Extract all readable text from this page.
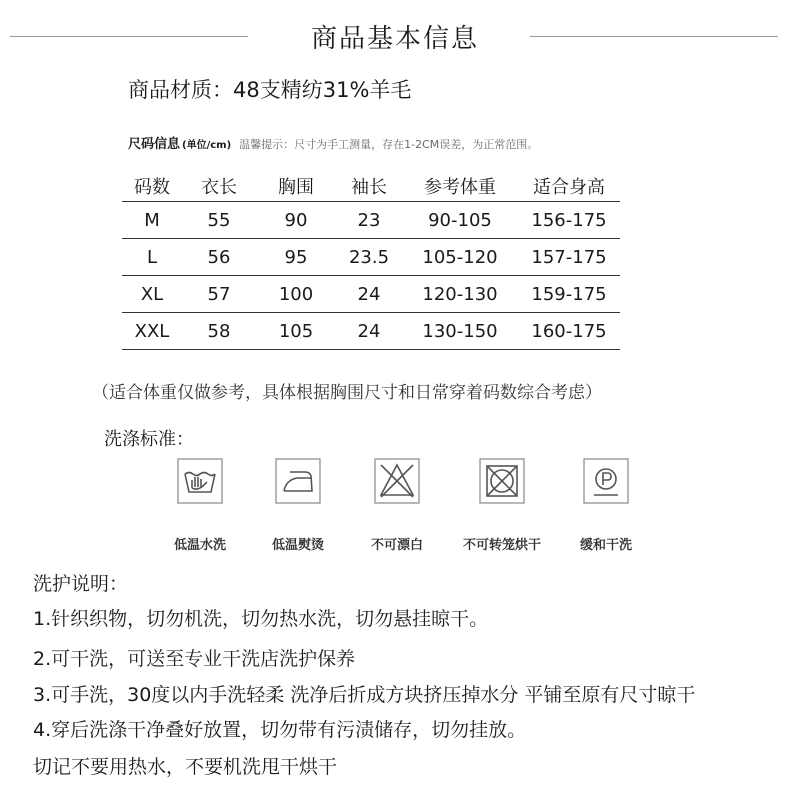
商品基本信息
商品材质：48支精纺31%羊毛
尺码信息 (单位/cm) 温馨提示：尺寸为手工测量，存在1-2CM误差，为正常范围。
码数	衣长	胸围	袖长	参考体重	适合身高
M	55	90	23	90-105	156-175
L	56	95	23.5	105-120	157-175
XL	57	100	24	120-130	159-175
XXL	58	105	24	130-150	160-175
（适合体重仅做参考，具体根据胸围尺寸和日常穿着码数综合考虑）
洗涤标准：
低温水洗	低温熨烫	不可漂白	不可转笼烘干	缓和干洗
洗护说明：
1.针织织物，切勿机洗，切勿热水洗，切勿悬挂晾干。
2.可干洗，可送至专业干洗店洗护保养
3.可手洗，30度以内手洗轻柔 洗净后折成方块挤压掉水分 平铺至原有尺寸晾干
4.穿后洗涤干净叠好放置，切勿带有污渍储存，切勿挂放。
切记不要用热水，不要机洗甩干烘干
